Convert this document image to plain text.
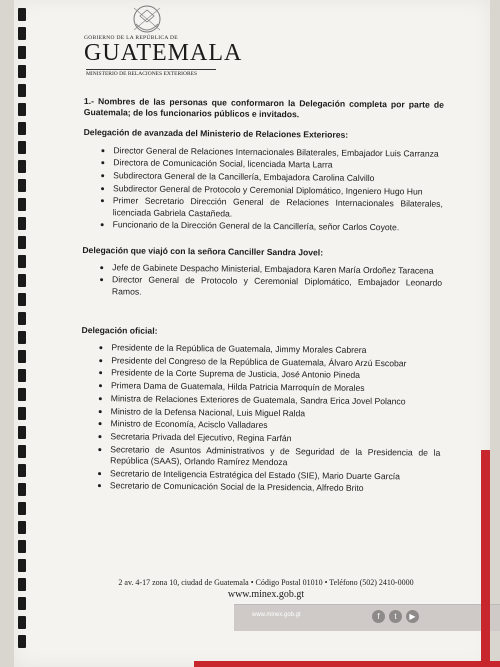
GOBIERNO DE LA REPÚBLICA DE
GUATEMALA
MINISTERIO DE RELACIONES EXTERIORES
1.- Nombres de las personas que conformaron la Delegación completa por parte de Guatemala; de los funcionarios públicos e invitados.
Delegación de avanzada del Ministerio de Relaciones Exteriores:
• Director General de Relaciones Internacionales Bilaterales, Embajador Luis Carranza
• Directora de Comunicación Social, licenciada Marta Larra
• Subdirectora General de la Cancillería, Embajadora Carolina Calvillo
• Subdirector General de Protocolo y Ceremonial Diplomático, Ingeniero Hugo Hun
• Primer Secretario Dirección General de Relaciones Internacionales Bilaterales, licenciada Gabriela Castañeda.
• Funcionario de la Dirección General de la Cancillería, señor Carlos Coyote.
Delegación que viajó con la señora Canciller Sandra Jovel:
• Jefe de Gabinete Despacho Ministerial, Embajadora Karen María Ordoñez Taracena
• Director General de Protocolo y Ceremonial Diplomático, Embajador Leonardo Ramos.
Delegación oficial:
• Presidente de la República de Guatemala, Jimmy Morales Cabrera
• Presidente del Congreso de la República de Guatemala, Álvaro Arzú Escobar
• Presidente de la Corte Suprema de Justicia, José Antonio Pineda
• Primera Dama de Guatemala, Hilda Patricia Marroquín de Morales
• Ministra de Relaciones Exteriores de Guatemala, Sandra Erica Jovel Polanco
• Ministro de la Defensa Nacional, Luis Miguel Ralda
• Ministro de Economía, Acisclo Valladares
• Secretaria Privada del Ejecutivo, Regina Farfán
• Secretario de Asuntos Administrativos y de Seguridad de la Presidencia de la República (SAAS), Orlando Ramírez Mendoza
• Secretario de Inteligencia Estratégica del Estado (SIE), Mario Duarte García
• Secretario de Comunicación Social de la Presidencia, Alfredo Brito
2 av. 4-17 zona 10, ciudad de Guatemala • Código Postal 01010 • Teléfono (502) 2410-0000
www.minex.gob.gt
www.minex.gob.gt	f	t	▶
